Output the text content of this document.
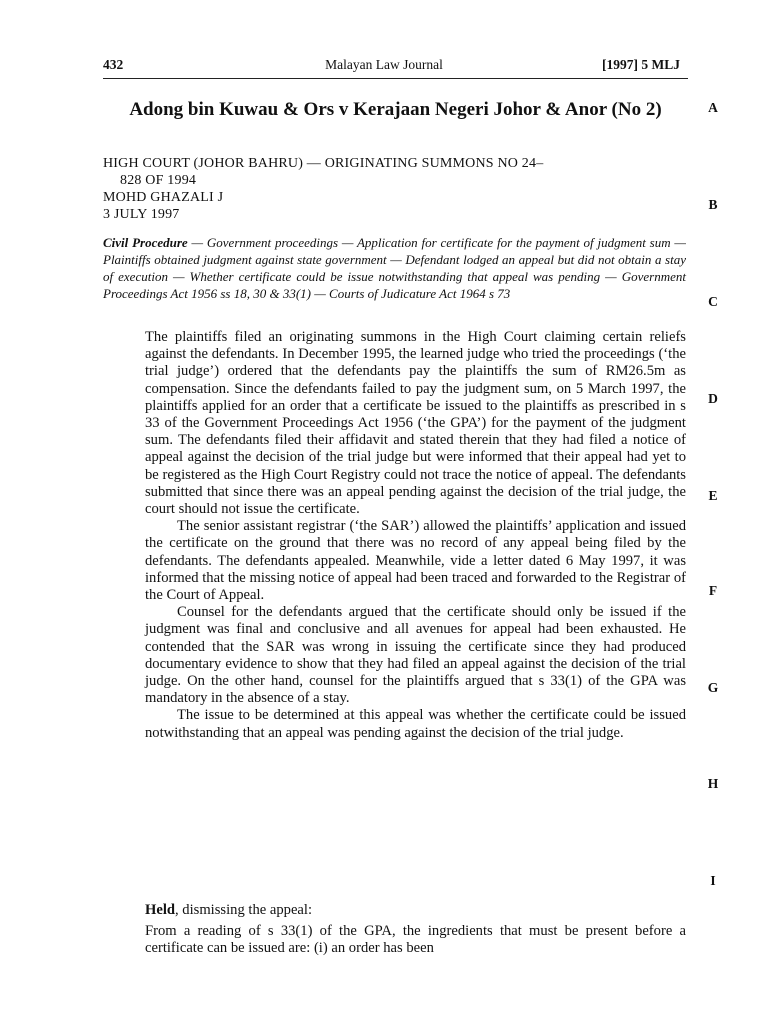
432	Malayan Law Journal	[1997] 5 MLJ
Adong bin Kuwau & Ors v Kerajaan Negeri Johor & Anor (No 2)
HIGH COURT (JOHOR BAHRU) — ORIGINATING SUMMONS NO 24–
828 OF 1994
MOHD GHAZALI J
3 JULY 1997
Civil Procedure — Government proceedings — Application for certificate for the payment of judgment sum — Plaintiffs obtained judgment against state government — Defendant lodged an appeal but did not obtain a stay of execution — Whether certificate could be issue notwithstanding that appeal was pending — Government Proceedings Act 1956 ss 18, 30 & 33(1) — Courts of Judicature Act 1964 s 73

The plaintiffs filed an originating summons in the High Court claiming certain reliefs against the defendants. In December 1995, the learned judge who tried the proceedings (‘the trial judge’) ordered that the defendants pay the plaintiffs the sum of RM26.5m as compensation. Since the defendants failed to pay the judgment sum, on 5 March 1997, the plaintiffs applied for an order that a certificate be issued to the plaintiffs as prescribed in s 33 of the Government Proceedings Act 1956 (‘the GPA’) for the payment of the judgment sum. The defendants filed their affidavit and stated therein that they had filed a notice of appeal against the decision of the trial judge but were informed that their appeal had yet to be registered as the High Court Registry could not trace the notice of appeal. The defendants submitted that since there was an appeal pending against the decision of the trial judge, the court should not issue the certificate.

The senior assistant registrar (‘the SAR’) allowed the plaintiffs’ application and issued the certificate on the ground that there was no record of any appeal being filed by the defendants. The defendants appealed. Meanwhile, vide a letter dated 6 May 1997, it was informed that the missing notice of appeal had been traced and forwarded to the Registrar of the Court of Appeal.

Counsel for the defendants argued that the certificate should only be issued if the judgment was final and conclusive and all avenues for appeal had been exhausted. He contended that the SAR was wrong in issuing the certificate since they had produced documentary evidence to show that they had filed an appeal against the decision of the trial judge. On the other hand, counsel for the plaintiffs argued that s 33(1) of the GPA was mandatory in the absence of a stay.

The issue to be determined at this appeal was whether the certificate could be issued notwithstanding that an appeal was pending against the decision of the trial judge.

Held, dismissing the appeal:
From a reading of s 33(1) of the GPA, the ingredients that must be present before a certificate can be issued are: (i) an order has been
A
B
C
D
E
F
G
H
I
